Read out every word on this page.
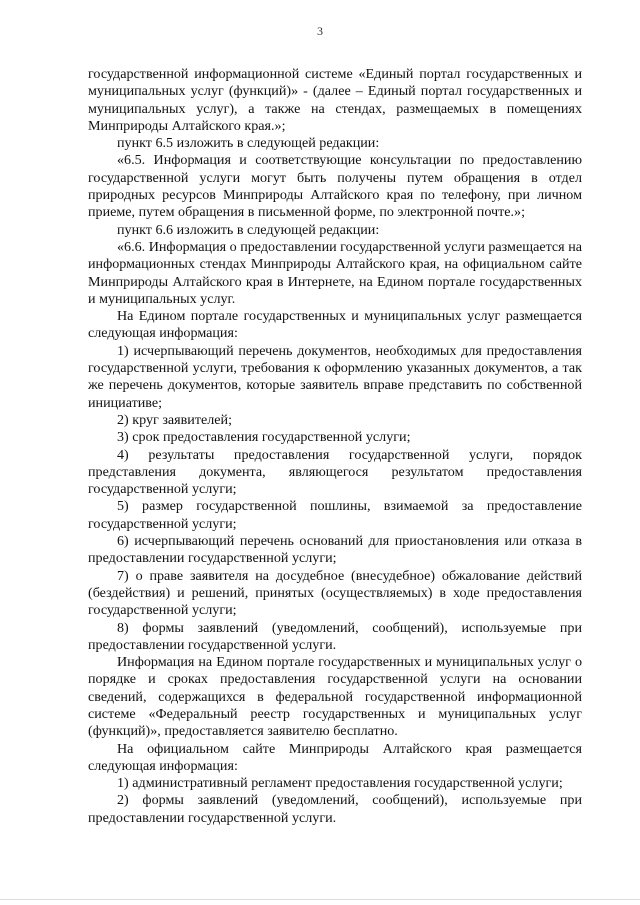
3

государственной информационной системе «Единый портал государственных и муниципальных услуг (функций)» - (далее – Единый портал государственных и муниципальных услуг), а также на стендах, размещаемых в помещениях Минприроды Алтайского края.»;

пункт 6.5 изложить в следующей редакции:

«6.5. Информация и соответствующие консультации по предоставлению государственной услуги могут быть получены путем обращения в отдел природных ресурсов Минприроды Алтайского края по телефону, при личном приеме, путем обращения в письменной форме, по электронной почте.»;

пункт 6.6 изложить в следующей редакции:

«6.6. Информация о предоставлении государственной услуги размещается на информационных стендах Минприроды Алтайского края, на официальном сайте Минприроды Алтайского края в Интернете, на Едином портале государственных и муниципальных услуг.

На Едином портале государственных и муниципальных услуг размещается следующая информация:

1) исчерпывающий перечень документов, необходимых для предоставления государственной услуги, требования к оформлению указанных документов, а так же перечень документов, которые заявитель вправе представить по собственной инициативе;

2) круг заявителей;

3) срок предоставления государственной услуги;

4) результаты предоставления государственной услуги, порядок представления документа, являющегося результатом предоставления государственной услуги;

5) размер государственной пошлины, взимаемой за предоставление государственной услуги;

6) исчерпывающий перечень оснований для приостановления или отказа в предоставлении государственной услуги;

7) о праве заявителя на досудебное (внесудебное) обжалование действий (бездействия) и решений, принятых (осуществляемых) в ходе предоставления государственной услуги;

8) формы заявлений (уведомлений, сообщений), используемые при предоставлении государственной услуги.

Информация на Едином портале государственных и муниципальных услуг о порядке и сроках предоставления государственной услуги на основании сведений, содержащихся в федеральной государственной информационной системе «Федеральный реестр государственных и муниципальных услуг (функций)», предоставляется заявителю бесплатно.

На официальном сайте Минприроды Алтайского края размещается следующая информация:

1) административный регламент предоставления государственной услуги;

2) формы заявлений (уведомлений, сообщений), используемые при предоставлении государственной услуги.
